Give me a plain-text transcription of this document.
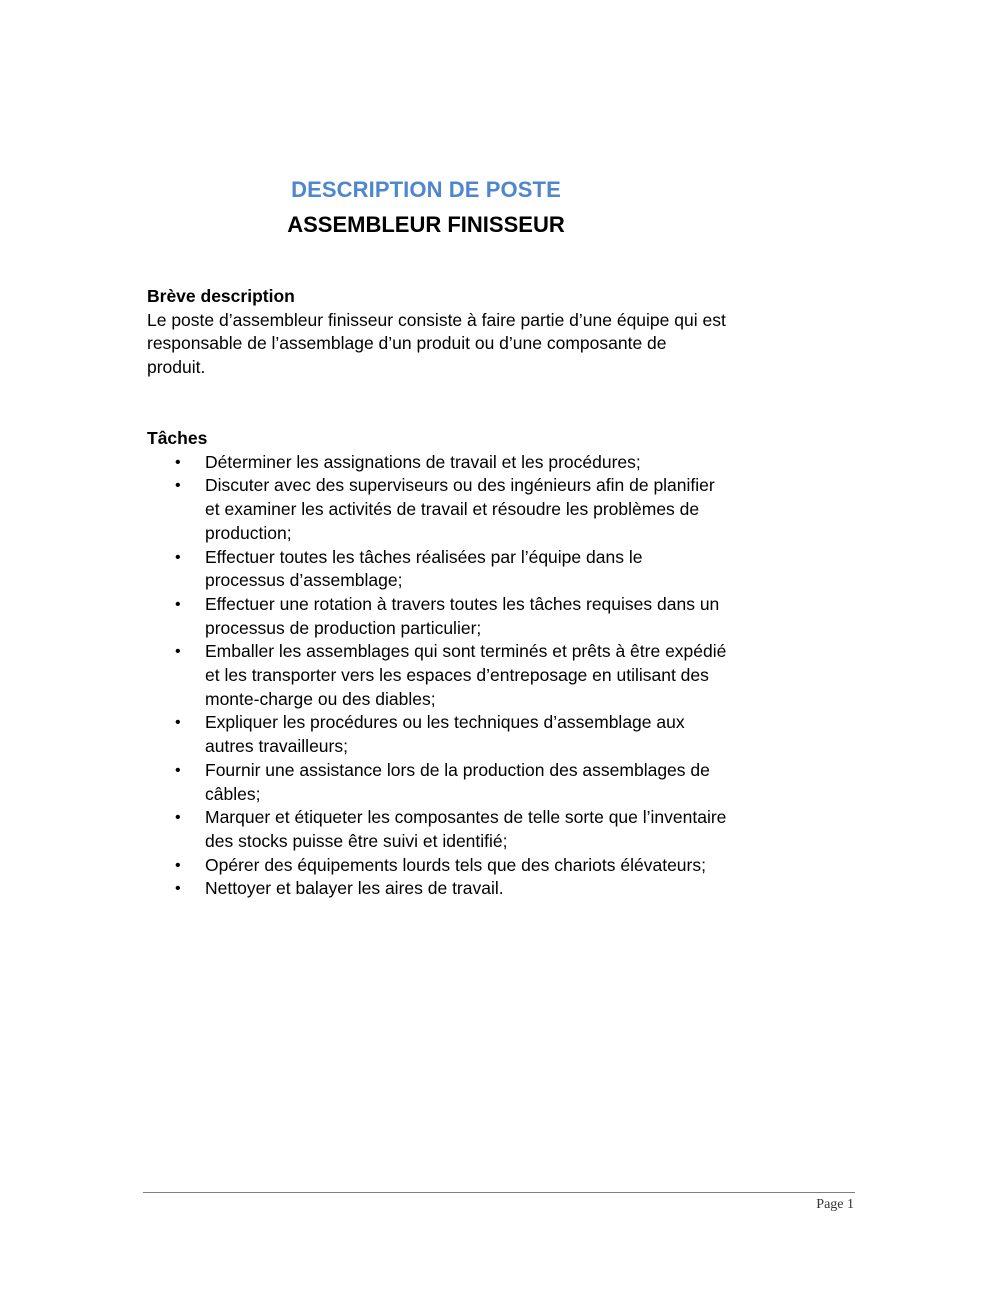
DESCRIPTION DE POSTE
ASSEMBLEUR FINISSEUR
Brève description

Le poste d’assembleur finisseur consiste à faire partie d’une équipe qui est responsable de l’assemblage d’un produit ou d’une composante de produit.

Tâches
• Déterminer les assignations de travail et les procédures;
• Discuter avec des superviseurs ou des ingénieurs afin de planifier et examiner les activités de travail et résoudre les problèmes de production;
• Effectuer toutes les tâches réalisées par l’équipe dans le processus d’assemblage;
• Effectuer une rotation à travers toutes les tâches requises dans un processus de production particulier;
• Emballer les assemblages qui sont terminés et prêts à être expédié et les transporter vers les espaces d’entreposage en utilisant des monte-charge ou des diables;
• Expliquer les procédures ou les techniques d’assemblage aux autres travailleurs;
• Fournir une assistance lors de la production des assemblages de câbles;
• Marquer et étiqueter les composantes de telle sorte que l’inventaire des stocks puisse être suivi et identifié;
• Opérer des équipements lourds tels que des chariots élévateurs;
• Nettoyer et balayer les aires de travail.
Page 1
